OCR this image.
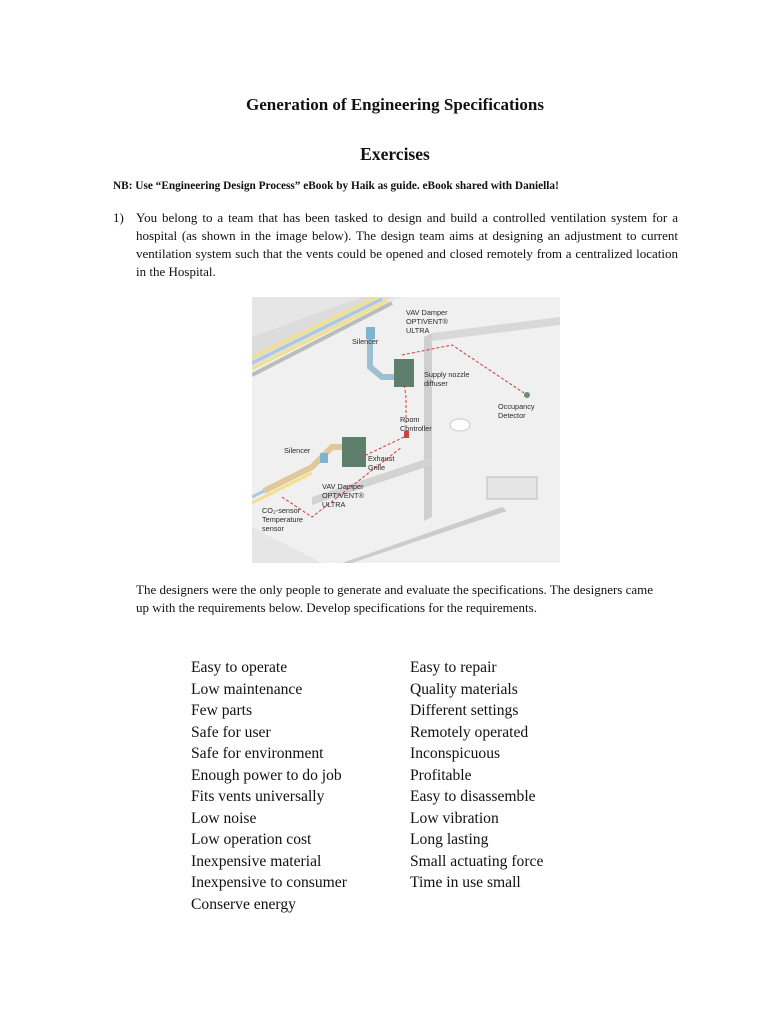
Generation of Engineering Specifications
Exercises
NB: Use “Engineering Design Process” eBook by Haik as guide. eBook shared with Daniella!
1) You belong to a team that has been tasked to design and build a controlled ventilation system for a hospital (as shown in the image below). The design team aims at designing an adjustment to current ventilation system such that the vents could be opened and closed remotely from a centralized location in the Hospital.
VAV Damper
OPTIVENT®
ULTRA
Silencer
Supply nozzle
diffuser
Occupancy
Detector
Room
Controller
Silencer
Exhaust
Grille
VAV Damper
OPTIVENT®
ULTRA
CO₂-sensor
Temperature
sensor
The designers were the only people to generate and evaluate the specifications. The designers came up with the requirements below. Develop specifications for the requirements.
Easy to operate
Low maintenance
Few parts
Safe for user
Safe for environment
Enough power to do job
Fits vents universally
Low noise
Low operation cost
Inexpensive material
Inexpensive to consumer
Conserve energy
Easy to repair
Quality materials
Different settings
Remotely operated
Inconspicuous
Profitable
Easy to disassemble
Low vibration
Long lasting
Small actuating force
Time in use small
